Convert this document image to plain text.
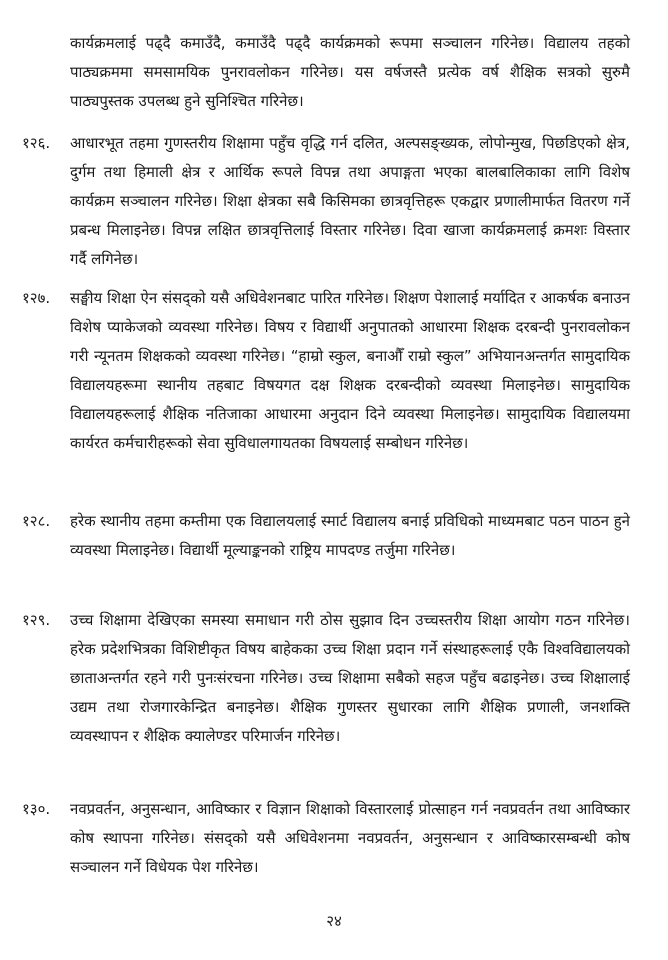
कार्यक्रमलाई पढ्दै कमाउँदै, कमाउँदै पढ्दै कार्यक्रमको रूपमा सञ्चालन गरिनेछ। विद्यालय तहको पाठ्यक्रममा समसामयिक पुनरावलोकन गरिनेछ। यस वर्षजस्तै प्रत्येक वर्ष शैक्षिक सत्रको सुरुमै पाठ्यपुस्तक उपलब्ध हुने सुनिश्चित गरिनेछ।
१२६.	आधारभूत तहमा गुणस्तरीय शिक्षामा पहुँच वृद्धि गर्न दलित, अल्पसङ्ख्यक, लोपोन्मुख, पिछडिएको क्षेत्र, दुर्गम तथा हिमाली क्षेत्र र आर्थिक रूपले विपन्न तथा अपाङ्गता भएका बालबालिकाका लागि विशेष कार्यक्रम सञ्चालन गरिनेछ। शिक्षा क्षेत्रका सबै किसिमका छात्रवृत्तिहरू एकद्वार प्रणालीमार्फत वितरण गर्ने प्रबन्ध मिलाइनेछ। विपन्न लक्षित छात्रवृत्तिलाई विस्तार गरिनेछ। दिवा खाजा कार्यक्रमलाई क्रमशः विस्तार गर्दै लगिनेछ।
१२७.	सङ्घीय शिक्षा ऐन संसद्को यसै अधिवेशनबाट पारित गरिनेछ। शिक्षण पेशालाई मर्यादित र आकर्षक बनाउन विशेष प्याकेजको व्यवस्था गरिनेछ। विषय र विद्यार्थी अनुपातको आधारमा शिक्षक दरबन्दी पुनरावलोकन गरी न्यूनतम शिक्षकको व्यवस्था गरिनेछ। “हाम्रो स्कुल, बनाऔँ राम्रो स्कुल” अभियानअन्तर्गत सामुदायिक विद्यालयहरूमा स्थानीय तहबाट विषयगत दक्ष शिक्षक दरबन्दीको व्यवस्था मिलाइनेछ। सामुदायिक विद्यालयहरूलाई शैक्षिक नतिजाका आधारमा अनुदान दिने व्यवस्था मिलाइनेछ। सामुदायिक विद्यालयमा कार्यरत कर्मचारीहरूको सेवा सुविधालगायतका विषयलाई सम्बोधन गरिनेछ।
१२८.	हरेक स्थानीय तहमा कम्तीमा एक विद्यालयलाई स्मार्ट विद्यालय बनाई प्रविधिको माध्यमबाट पठन पाठन हुने व्यवस्था मिलाइनेछ। विद्यार्थी मूल्याङ्कनको राष्ट्रिय मापदण्ड तर्जुमा गरिनेछ।
१२९.	उच्च शिक्षामा देखिएका समस्या समाधान गरी ठोस सुझाव दिन उच्चस्तरीय शिक्षा आयोग गठन गरिनेछ। हरेक प्रदेशभित्रका विशिष्टीकृत विषय बाहेकका उच्च शिक्षा प्रदान गर्ने संस्थाहरूलाई एकै विश्वविद्यालयको छाताअन्तर्गत रहने गरी पुनःसंरचना गरिनेछ। उच्च शिक्षामा सबैको सहज पहुँच बढाइनेछ। उच्च शिक्षालाई उद्यम तथा रोजगारकेन्द्रित बनाइनेछ। शैक्षिक गुणस्तर सुधारका लागि शैक्षिक प्रणाली, जनशक्ति व्यवस्थापन र शैक्षिक क्यालेण्डर परिमार्जन गरिनेछ।
१३०.	नवप्रवर्तन, अनुसन्धान, आविष्कार र विज्ञान शिक्षाको विस्तारलाई प्रोत्साहन गर्न नवप्रवर्तन तथा आविष्कार कोष स्थापना गरिनेछ। संसद्को यसै अधिवेशनमा नवप्रवर्तन, अनुसन्धान र आविष्कारसम्बन्धी कोष सञ्चालन गर्ने विधेयक पेश गरिनेछ।
२४
